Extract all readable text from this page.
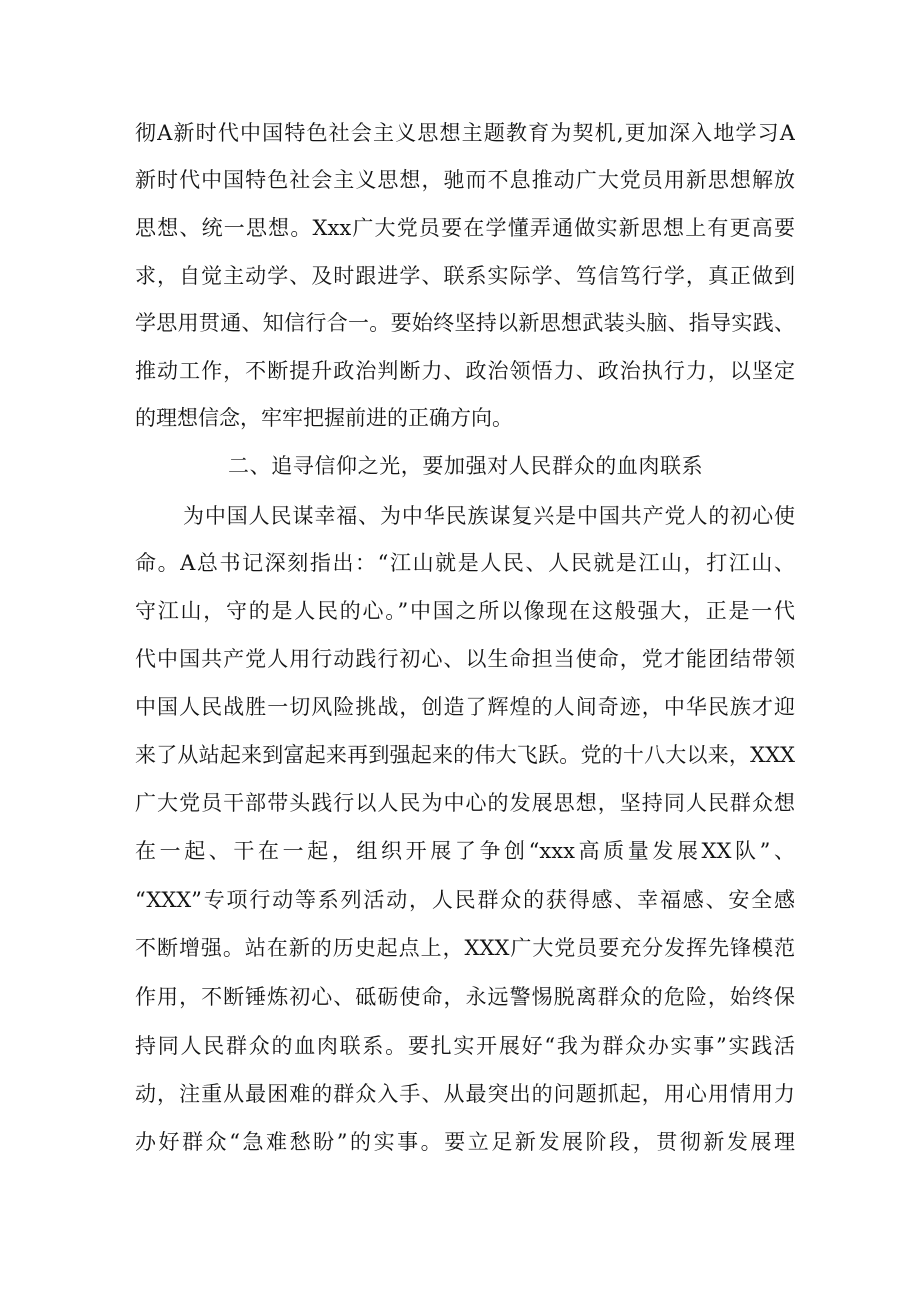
彻A新时代中国特色社会主义思想主题教育为契机,更加深入地学习A
新时代中国特色社会主义思想，驰而不息推动广大党员用新思想解放
思想、统一思想。Xxx广大党员要在学懂弄通做实新思想上有更高要
求，自觉主动学、及时跟进学、联系实际学、笃信笃行学，真正做到
学思用贯通、知信行合一。要始终坚持以新思想武装头脑、指导实践、
推动工作，不断提升政治判断力、政治领悟力、政治执行力，以坚定
的理想信念，牢牢把握前进的正确方向。
二、追寻信仰之光，要加强对人民群众的血肉联系
为中国人民谋幸福、为中华民族谋复兴是中国共产党人的初心使
命。A总书记深刻指出：“江山就是人民、人民就是江山，打江山、
守江山，守的是人民的心。”中国之所以像现在这般强大，正是一代
代中国共产党人用行动践行初心、以生命担当使命，党才能团结带领
中国人民战胜一切风险挑战，创造了辉煌的人间奇迹，中华民族才迎
来了从站起来到富起来再到强起来的伟大飞跃。党的十八大以来，XXX
广大党员干部带头践行以人民为中心的发展思想，坚持同人民群众想
在一起、干在一起，组织开展了争创“xxx高质量发展XX队”、
“XXX”专项行动等系列活动，人民群众的获得感、幸福感、安全感
不断增强。站在新的历史起点上，XXX广大党员要充分发挥先锋模范
作用，不断锤炼初心、砥砺使命，永远警惕脱离群众的危险，始终保
持同人民群众的血肉联系。要扎实开展好“我为群众办实事”实践活
动，注重从最困难的群众入手、从最突出的问题抓起，用心用情用力
办好群众“急难愁盼”的实事。要立足新发展阶段，贯彻新发展理
